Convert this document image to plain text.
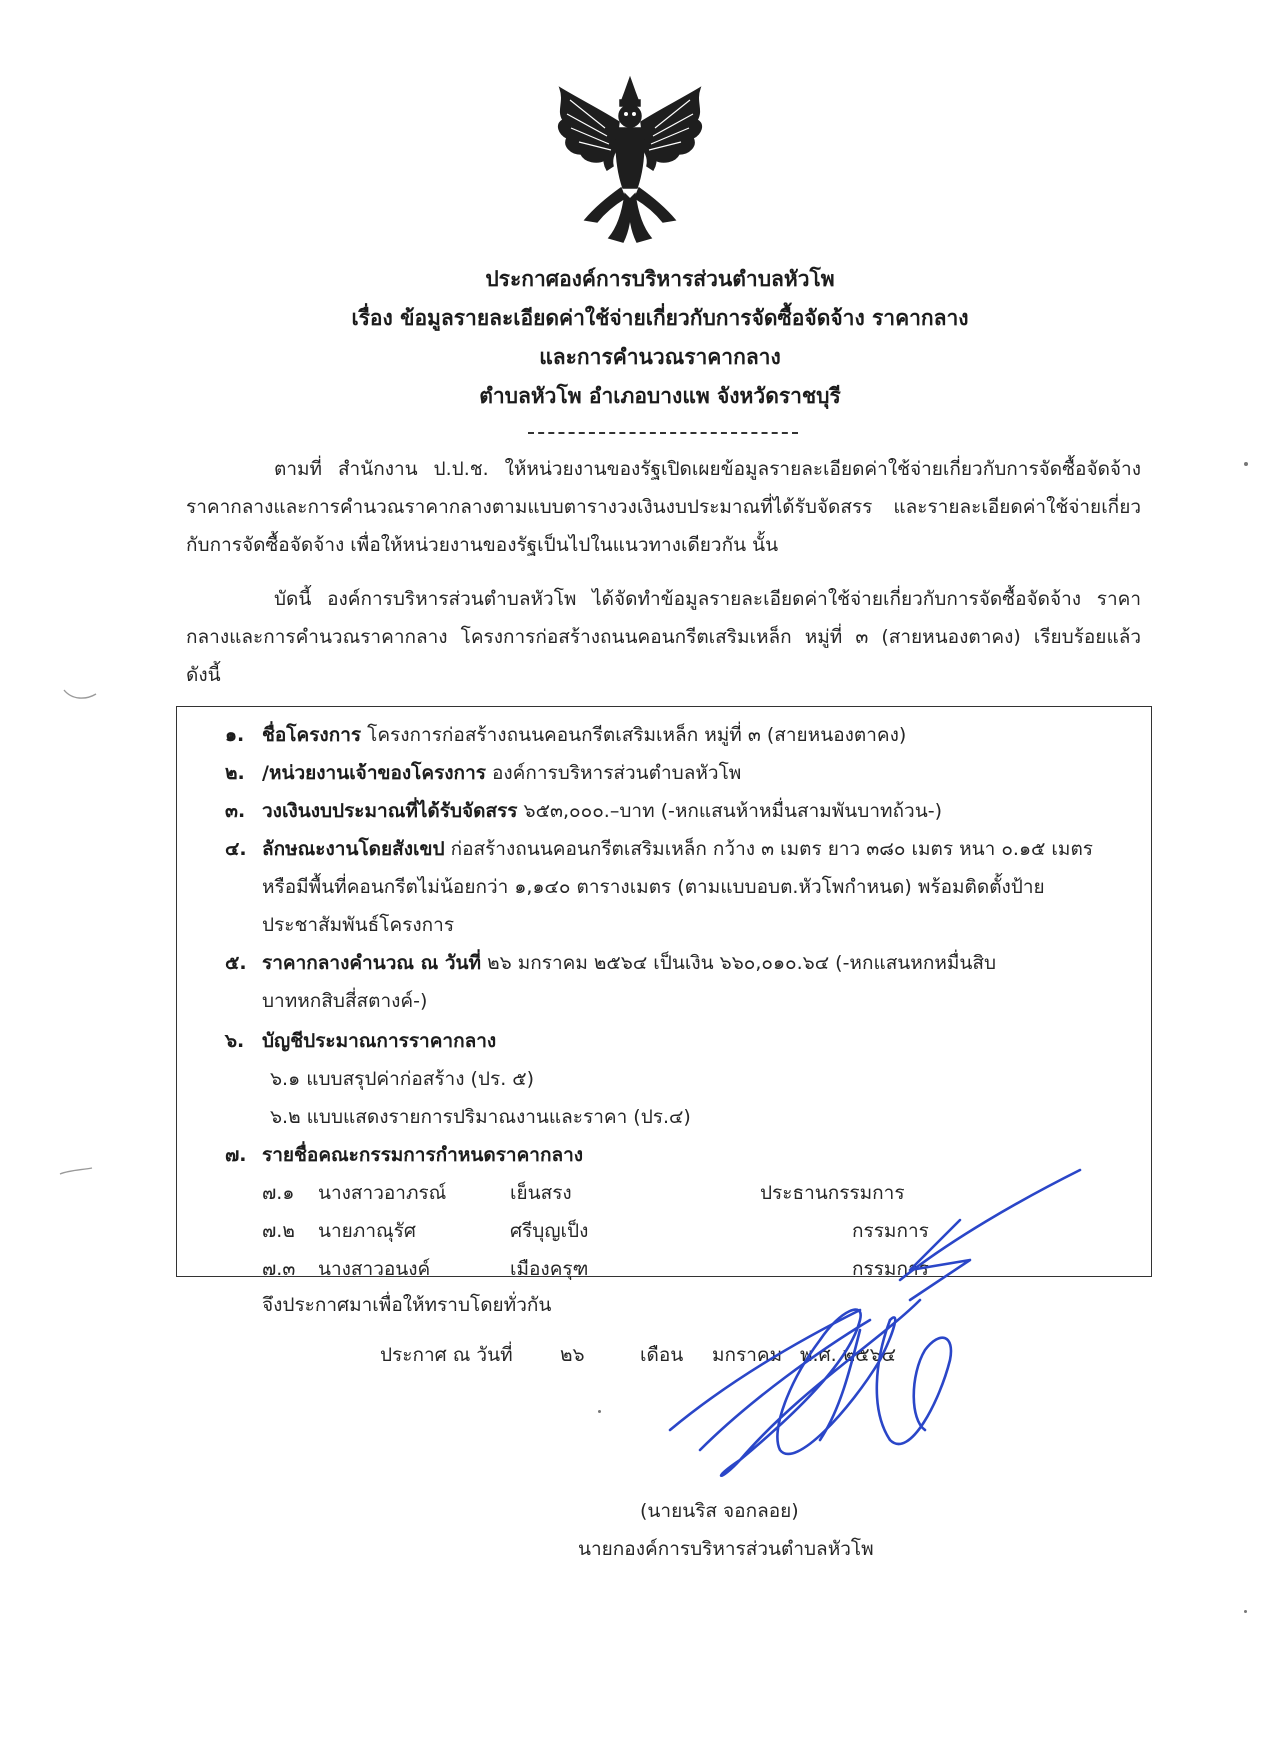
ประกาศองค์การบริหารส่วนตำบลหัวโพ
เรื่อง ข้อมูลรายละเอียดค่าใช้จ่ายเกี่ยวกับการจัดซื้อจัดจ้าง ราคากลาง
และการคำนวณราคากลาง
ตำบลหัวโพ อำเภอบางแพ จังหวัดราชบุรี
ตามที่ สำนักงาน ป.ป.ช. ให้หน่วยงานของรัฐเปิดเผยข้อมูลรายละเอียดค่าใช้จ่ายเกี่ยวกับการจัดซื้อจัดจ้าง ราคากลางและการคำนวณราคากลางตามแบบตารางวงเงินงบประมาณที่ได้รับจัดสรร และรายละเอียดค่าใช้จ่ายเกี่ยวกับการจัดซื้อจัดจ้าง เพื่อให้หน่วยงานของรัฐเป็นไปในแนวทางเดียวกัน นั้น
บัดนี้ องค์การบริหารส่วนตำบลหัวโพ ได้จัดทำข้อมูลรายละเอียดค่าใช้จ่ายเกี่ยวกับการจัดซื้อจัดจ้าง ราคากลางและการคำนวณราคากลาง โครงการก่อสร้างถนนคอนกรีตเสริมเหล็ก หมู่ที่ ๓ (สายหนองตาคง) เรียบร้อยแล้ว ดังนี้
๑. ชื่อโครงการ โครงการก่อสร้างถนนคอนกรีตเสริมเหล็ก หมู่ที่ ๓ (สายหนองตาคง)
๒. /หน่วยงานเจ้าของโครงการ องค์การบริหารส่วนตำบลหัวโพ
๓. วงเงินงบประมาณที่ได้รับจัดสรร ๖๕๓,๐๐๐.–บาท (-หกแสนห้าหมื่นสามพันบาทถ้วน-)
๔. ลักษณะงานโดยสังเขป ก่อสร้างถนนคอนกรีตเสริมเหล็ก กว้าง ๓ เมตร ยาว ๓๘๐ เมตร หนา ๐.๑๕ เมตร
หรือมีพื้นที่คอนกรีตไม่น้อยกว่า ๑,๑๔๐ ตารางเมตร (ตามแบบอบต.หัวโพกำหนด) พร้อมติดตั้งป้าย
ประชาสัมพันธ์โครงการ
๕. ราคากลางคำนวณ ณ วันที่ ๒๖ มกราคม ๒๕๖๔ เป็นเงิน ๖๖๐,๐๑๐.๖๔ (-หกแสนหกหมื่นสิบ
บาทหกสิบสี่สตางค์-)
๖. บัญชีประมาณการราคากลาง
๖.๑ แบบสรุปค่าก่อสร้าง (ปร. ๕)
๖.๒ แบบแสดงรายการปริมาณงานและราคา (ปร.๔)
๗. รายชื่อคณะกรรมการกำหนดราคากลาง
๗.๑ นางสาวอาภรณ์	เย็นสรง	ประธานกรรมการ
๗.๒ นายภาณุรัศ	ศรีบุญเป็ง	กรรมการ
๗.๓ นางสาวอนงค์	เมืองครุฑ	กรรมการ
จึงประกาศมาเพื่อให้ทราบโดยทั่วกัน
ประกาศ ณ วันที่ ๒๖	เดือน มกราคม พ.ศ. ๒๕๖๔
(นายนริส จอกลอย)
นายกองค์การบริหารส่วนตำบลหัวโพ
